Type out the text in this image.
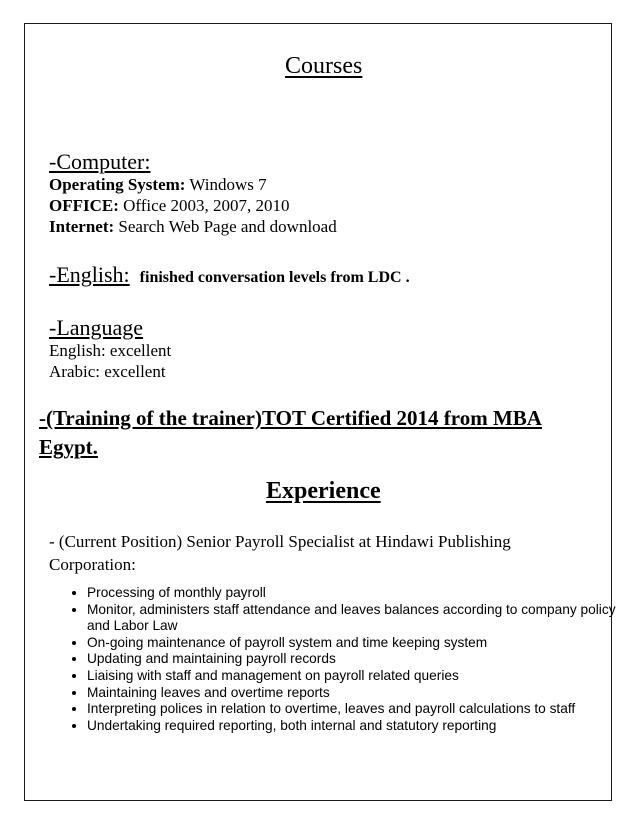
Courses
-Computer:
Operating System: Windows 7
OFFICE: Office 2003, 2007, 2010
Internet: Search Web Page and download
-English: finished conversation levels from LDC .
-Language
English: excellent
Arabic: excellent
-(Training of the trainer)TOT Certified 2014 from MBA Egypt.
Experience
- (Current Position) Senior Payroll Specialist at Hindawi Publishing Corporation:
• Processing of monthly payroll
• Monitor, administers staff attendance and leaves balances according to company policy and Labor Law
• On-going maintenance of payroll system and time keeping system
• Updating and maintaining payroll records
• Liaising with staff and management on payroll related queries
• Maintaining leaves and overtime reports
• Interpreting polices in relation to overtime, leaves and payroll calculations to staff
• Undertaking required reporting, both internal and statutory reporting
